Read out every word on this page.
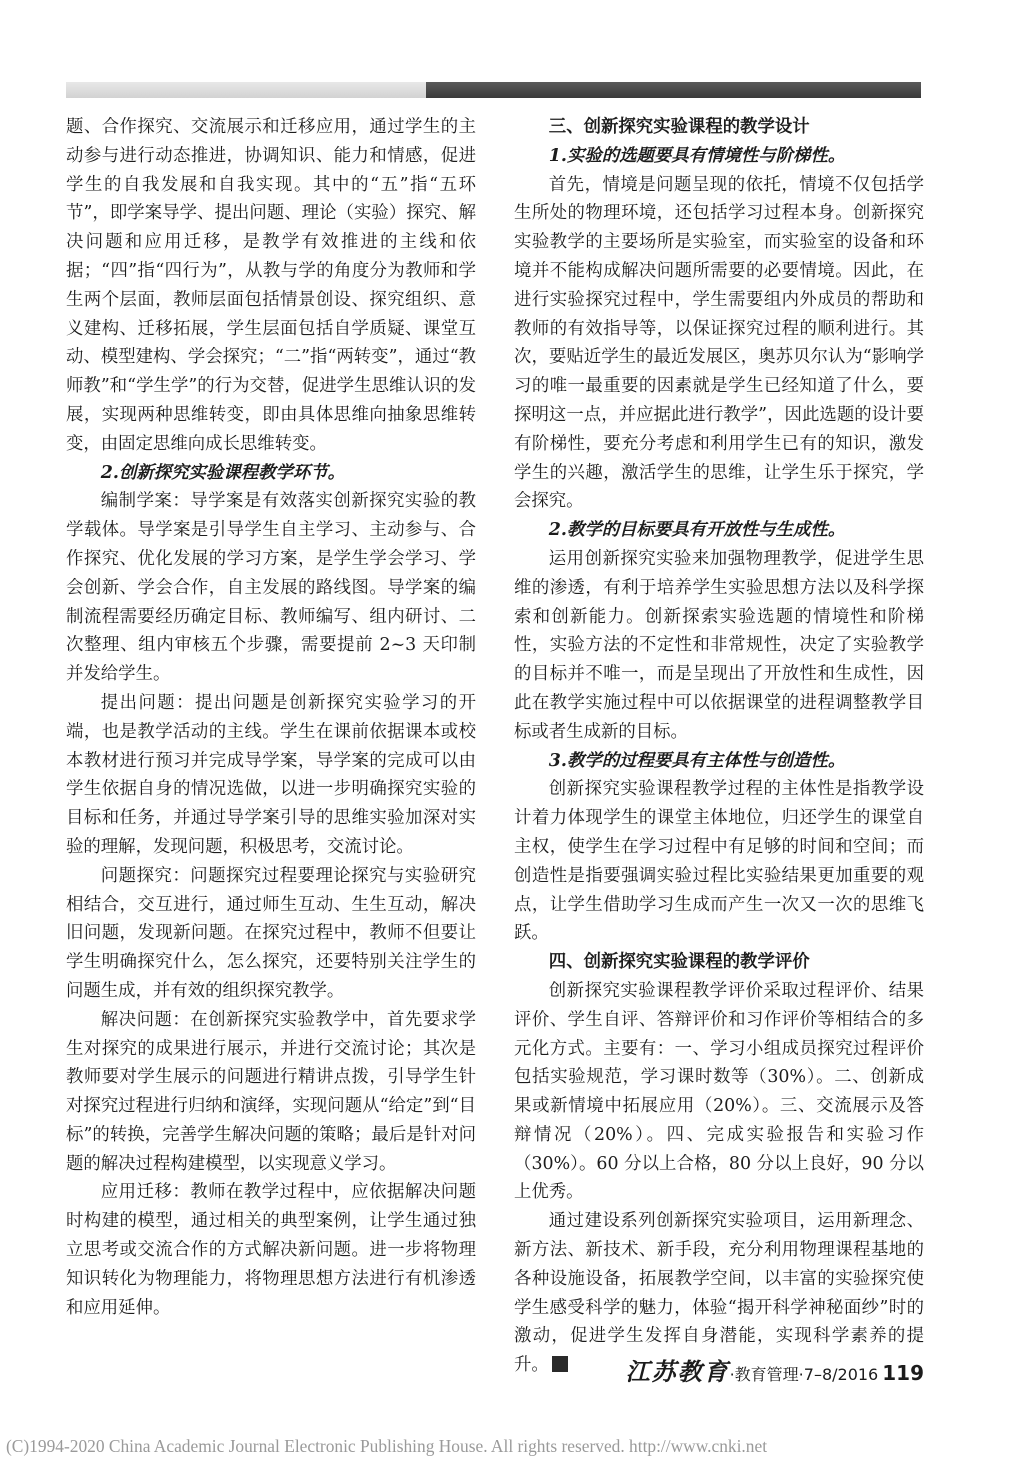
题、合作探究、交流展示和迁移应用，通过学生的主动参与进行动态推进，协调知识、能力和情感，促进学生的自我发展和自我实现。其中的“五”指“五环节”，即学案导学、提出问题、理论（实验）探究、解决问题和应用迁移，是教学有效推进的主线和依据；“四”指“四行为”，从教与学的角度分为教师和学生两个层面，教师层面包括情景创设、探究组织、意义建构、迁移拓展，学生层面包括自学质疑、课堂互动、模型建构、学会探究；“二”指“两转变”，通过“教师教”和“学生学”的行为交替，促进学生思维认识的发展，实现两种思维转变，即由具体思维向抽象思维转变，由固定思维向成长思维转变。

2.创新探究实验课程教学环节。

编制学案：导学案是有效落实创新探究实验的教学载体。导学案是引导学生自主学习、主动参与、合作探究、优化发展的学习方案，是学生学会学习、学会创新、学会合作，自主发展的路线图。导学案的编制流程需要经历确定目标、教师编写、组内研讨、二次整理、组内审核五个步骤，需要提前 2~3 天印制并发给学生。

提出问题：提出问题是创新探究实验学习的开端，也是教学活动的主线。学生在课前依据课本或校本教材进行预习并完成导学案，导学案的完成可以由学生依据自身的情况选做，以进一步明确探究实验的目标和任务，并通过导学案引导的思维实验加深对实验的理解，发现问题，积极思考，交流讨论。

问题探究：问题探究过程要理论探究与实验研究相结合，交互进行，通过师生互动、生生互动，解决旧问题，发现新问题。在探究过程中，教师不但要让学生明确探究什么，怎么探究，还要特别关注学生的问题生成，并有效的组织探究教学。

解决问题：在创新探究实验教学中，首先要求学生对探究的成果进行展示，并进行交流讨论；其次是教师要对学生展示的问题进行精讲点拨，引导学生针对探究过程进行归纳和演绎，实现问题从“给定”到“目标”的转换，完善学生解决问题的策略；最后是针对问题的解决过程构建模型，以实现意义学习。

应用迁移：教师在教学过程中，应依据解决问题时构建的模型，通过相关的典型案例，让学生通过独立思考或交流合作的方式解决新问题。进一步将物理知识转化为物理能力，将物理思想方法进行有机渗透和应用延伸。

三、创新探究实验课程的教学设计

1.实验的选题要具有情境性与阶梯性。

首先，情境是问题呈现的依托，情境不仅包括学生所处的物理环境，还包括学习过程本身。创新探究实验教学的主要场所是实验室，而实验室的设备和环境并不能构成解决问题所需要的必要情境。因此，在进行实验探究过程中，学生需要组内外成员的帮助和教师的有效指导等，以保证探究过程的顺利进行。其次，要贴近学生的最近发展区，奥苏贝尔认为“影响学习的唯一最重要的因素就是学生已经知道了什么，要探明这一点，并应据此进行教学”，因此选题的设计要有阶梯性，要充分考虑和利用学生已有的知识，激发学生的兴趣，激活学生的思维，让学生乐于探究，学会探究。

2.教学的目标要具有开放性与生成性。

运用创新探究实验来加强物理教学，促进学生思维的渗透，有利于培养学生实验思想方法以及科学探索和创新能力。创新探索实验选题的情境性和阶梯性，实验方法的不定性和非常规性，决定了实验教学的目标并不唯一，而是呈现出了开放性和生成性，因此在教学实施过程中可以依据课堂的进程调整教学目标或者生成新的目标。

3.教学的过程要具有主体性与创造性。

创新探究实验课程教学过程的主体性是指教学设计着力体现学生的课堂主体地位，归还学生的课堂自主权，使学生在学习过程中有足够的时间和空间；而创造性是指要强调实验过程比实验结果更加重要的观点，让学生借助学习生成而产生一次又一次的思维飞跃。

四、创新探究实验课程的教学评价

创新探究实验课程教学评价采取过程评价、结果评价、学生自评、答辩评价和习作评价等相结合的多元化方式。主要有：一、学习小组成员探究过程评价包括实验规范，学习课时数等（30%）。二、创新成果或新情境中拓展应用（20%）。三、交流展示及答辩情况（20%）。四、完成实验报告和实验习作（30%）。60 分以上合格，80 分以上良好，90 分以上优秀。

通过建设系列创新探究实验项目，运用新理念、新方法、新技术、新手段，充分利用物理课程基地的各种设施设备，拓展教学空间，以丰富的实验探究使学生感受科学的魅力，体验“揭开科学神秘面纱”时的激动，促进学生发挥自身潜能，实现科学素养的提升。	江苏教育·教育管理·7–8/2016 119
(C)1994-2020 China Academic Journal Electronic Publishing House. All rights reserved. http://www.cnki.net
